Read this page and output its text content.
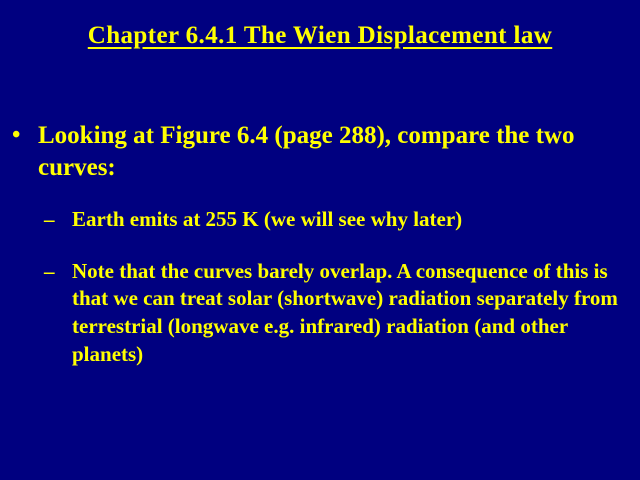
Chapter 6.4.1 The Wien Displacement law
• Looking at Figure 6.4 (page 288), compare the two curves:
– Earth emits at 255 K (we will see why later)
– Note that the curves barely overlap. A consequence of this is that we can treat solar (shortwave) radiation separately from terrestrial (longwave e.g. infrared) radiation (and other planets)
